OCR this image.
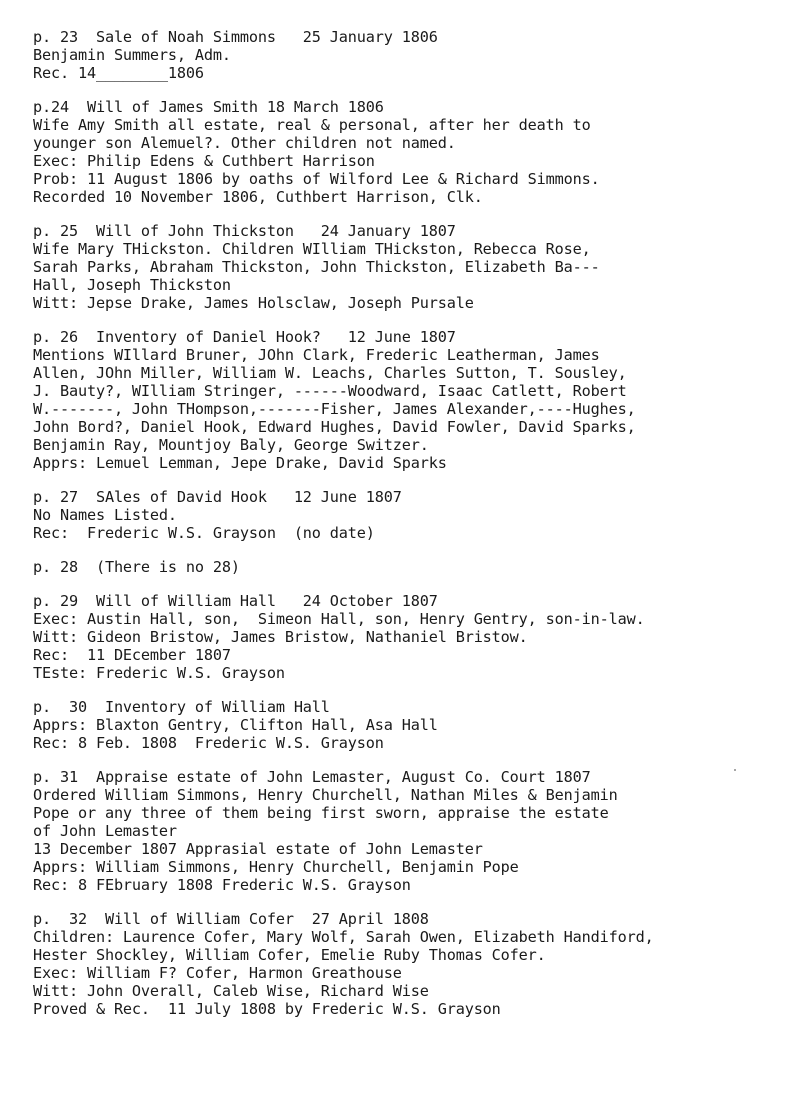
p. 23  Sale of Noah Simmons   25 January 1806
Benjamin Summers, Adm.
Rec. 14________1806
p.24  Will of James Smith 18 March 1806
Wife Amy Smith all estate, real & personal, after her death to
younger son Alemuel?. Other children not named.
Exec: Philip Edens & Cuthbert Harrison
Prob: 11 August 1806 by oaths of Wilford Lee & Richard Simmons.
Recorded 10 November 1806, Cuthbert Harrison, Clk.
p. 25  Will of John Thickston   24 January 1807
Wife Mary THickston. Children WIlliam THickston, Rebecca Rose,
Sarah Parks, Abraham Thickston, John Thickston, Elizabeth Ba---
Hall, Joseph Thickston
Witt: Jepse Drake, James Holsclaw, Joseph Pursale
p. 26  Inventory of Daniel Hook?   12 June 1807
Mentions WIllard Bruner, JOhn Clark, Frederic Leatherman, James
Allen, JOhn Miller, William W. Leachs, Charles Sutton, T. Sousley,
J. Bauty?, WIlliam Stringer, ------Woodward, Isaac Catlett, Robert
W.-------, John THompson,-------Fisher, James Alexander,----Hughes,
John Bord?, Daniel Hook, Edward Hughes, David Fowler, David Sparks,
Benjamin Ray, Mountjoy Baly, George Switzer.
Apprs: Lemuel Lemman, Jepe Drake, David Sparks
p. 27  SAles of David Hook   12 June 1807
No Names Listed.
Rec:  Frederic W.S. Grayson  (no date)
p. 28  (There is no 28)
p. 29  Will of William Hall   24 October 1807
Exec: Austin Hall, son,  Simeon Hall, son, Henry Gentry, son-in-law.
Witt: Gideon Bristow, James Bristow, Nathaniel Bristow.
Rec:  11 DEcember 1807
TEste: Frederic W.S. Grayson
p.  30  Inventory of William Hall
Apprs: Blaxton Gentry, Clifton Hall, Asa Hall
Rec: 8 Feb. 1808  Frederic W.S. Grayson
p. 31  Appraise estate of John Lemaster, August Co. Court 1807
Ordered William Simmons, Henry Churchell, Nathan Miles & Benjamin
Pope or any three of them being first sworn, appraise the estate
of John Lemaster
13 December 1807 Apprasial estate of John Lemaster
Apprs: William Simmons, Henry Churchell, Benjamin Pope
Rec: 8 FEbruary 1808 Frederic W.S. Grayson
p.  32  Will of William Cofer  27 April 1808
Children: Laurence Cofer, Mary Wolf, Sarah Owen, Elizabeth Handiford,
Hester Shockley, William Cofer, Emelie Ruby Thomas Cofer.
Exec: William F? Cofer, Harmon Greathouse
Witt: John Overall, Caleb Wise, Richard Wise
Proved & Rec.  11 July 1808 by Frederic W.S. Grayson
